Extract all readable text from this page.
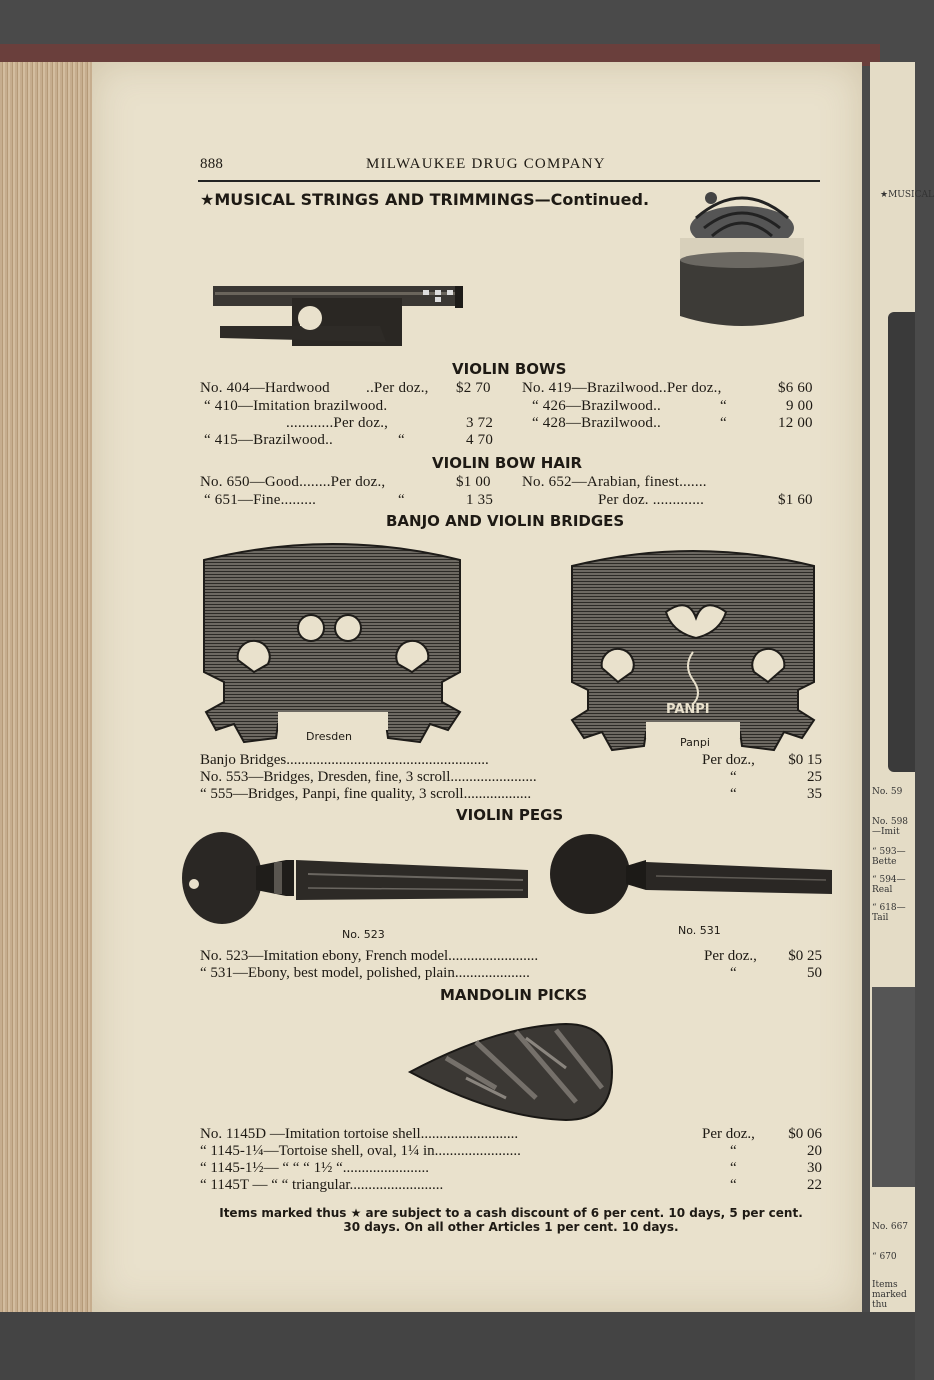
★MUSICAL
No. 59
No. 598—Imit
“ 593—Bette
“ 594—Real
“ 618—Tail
No. 667
“ 670
Items marked thu
888	MILWAUKEE DRUG COMPANY
★MUSICAL STRINGS AND TRIMMINGS—Continued.
VIOLIN BOWS
No. 404—Hardwood ..Per doz., $2 70
“ 410—Imitation brazilwood.
............Per doz.,	3 72
“ 415—Brazilwood..	“	4 70
No. 419—Brazilwood..Per doz.,	$6 60
“ 426—Brazilwood..	“	9 00
“ 428—Brazilwood..	“	12 00
VIOLIN BOW HAIR
No. 650—Good........Per doz.,	$1 00
“ 651—Fine.........	“	1 35
No. 652—Arabian, finest.......
Per doz. .............	$1 60
BANJO AND VIOLIN BRIDGES
Dresden
PANPI
Panpi
Banjo Bridges......................................................	Per doz., $0 15
No. 553—Bridges, Dresden, fine, 3 scroll.......................	“	25
“ 555—Bridges, Panpi, fine quality, 3 scroll..................	“	35
VIOLIN PEGS
No. 523	No. 531
No. 523—Imitation ebony, French model........................	Per doz., $0 25
“ 531—Ebony, best model, polished, plain....................	“	50
MANDOLIN PICKS
No. 1145D —Imitation tortoise shell..........................	Per doz., $0 06
“ 1145-1¼—Tortoise shell, oval, 1¼ in.......................	“	20
“ 1145-1½— “ “ “ 1½ “.......................	“	30
“ 1145T — “ “ triangular.........................	“	22
Items marked thus ★ are subject to a cash discount of 6 per cent. 10 days, 5 per cent.
30 days. On all other Articles 1 per cent. 10 days.
